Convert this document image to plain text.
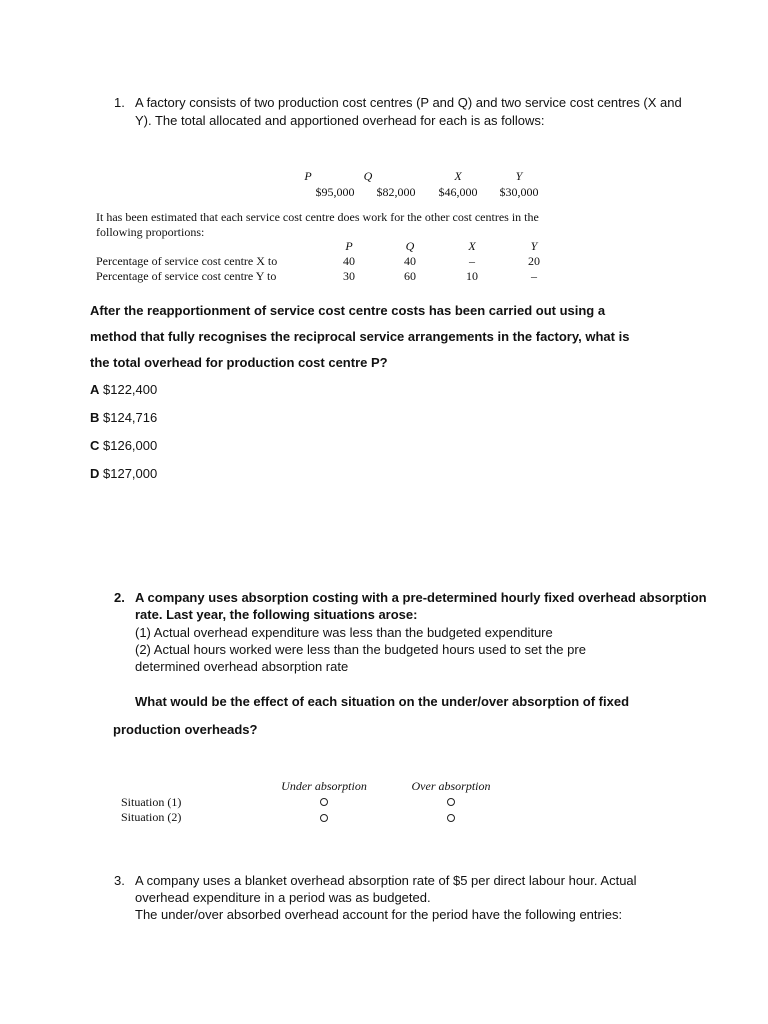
1. A factory consists of two production cost centres (P and Q) and two service cost centres (X and
Y). The total allocated and apportioned overhead for each is as follows:
P	Q	X	Y
$95,000	$82,000	$46,000	$30,000
It has been estimated that each service cost centre does work for the other cost centres in the
following proportions:
P	Q	X	Y
Percentage of service cost centre X to	40	40	–	20
Percentage of service cost centre Y to	30	60	10	–
After the reapportionment of service cost centre costs has been carried out using a
method that fully recognises the reciprocal service arrangements in the factory, what is
the total overhead for production cost centre P?
A $122,400
B $124,716
C $126,000
D $127,000
2. A company uses absorption costing with a pre-determined hourly fixed overhead absorption
rate. Last year, the following situations arose:
(1) Actual overhead expenditure was less than the budgeted expenditure
(2) Actual hours worked were less than the budgeted hours used to set the pre
determined overhead absorption rate
What would be the effect of each situation on the under/over absorption of fixed
production overheads?
Under absorption	Over absorption
Situation (1)
Situation (2)
3. A company uses a blanket overhead absorption rate of $5 per direct labour hour. Actual
overhead expenditure in a period was as budgeted.
The under/over absorbed overhead account for the period have the following entries:
